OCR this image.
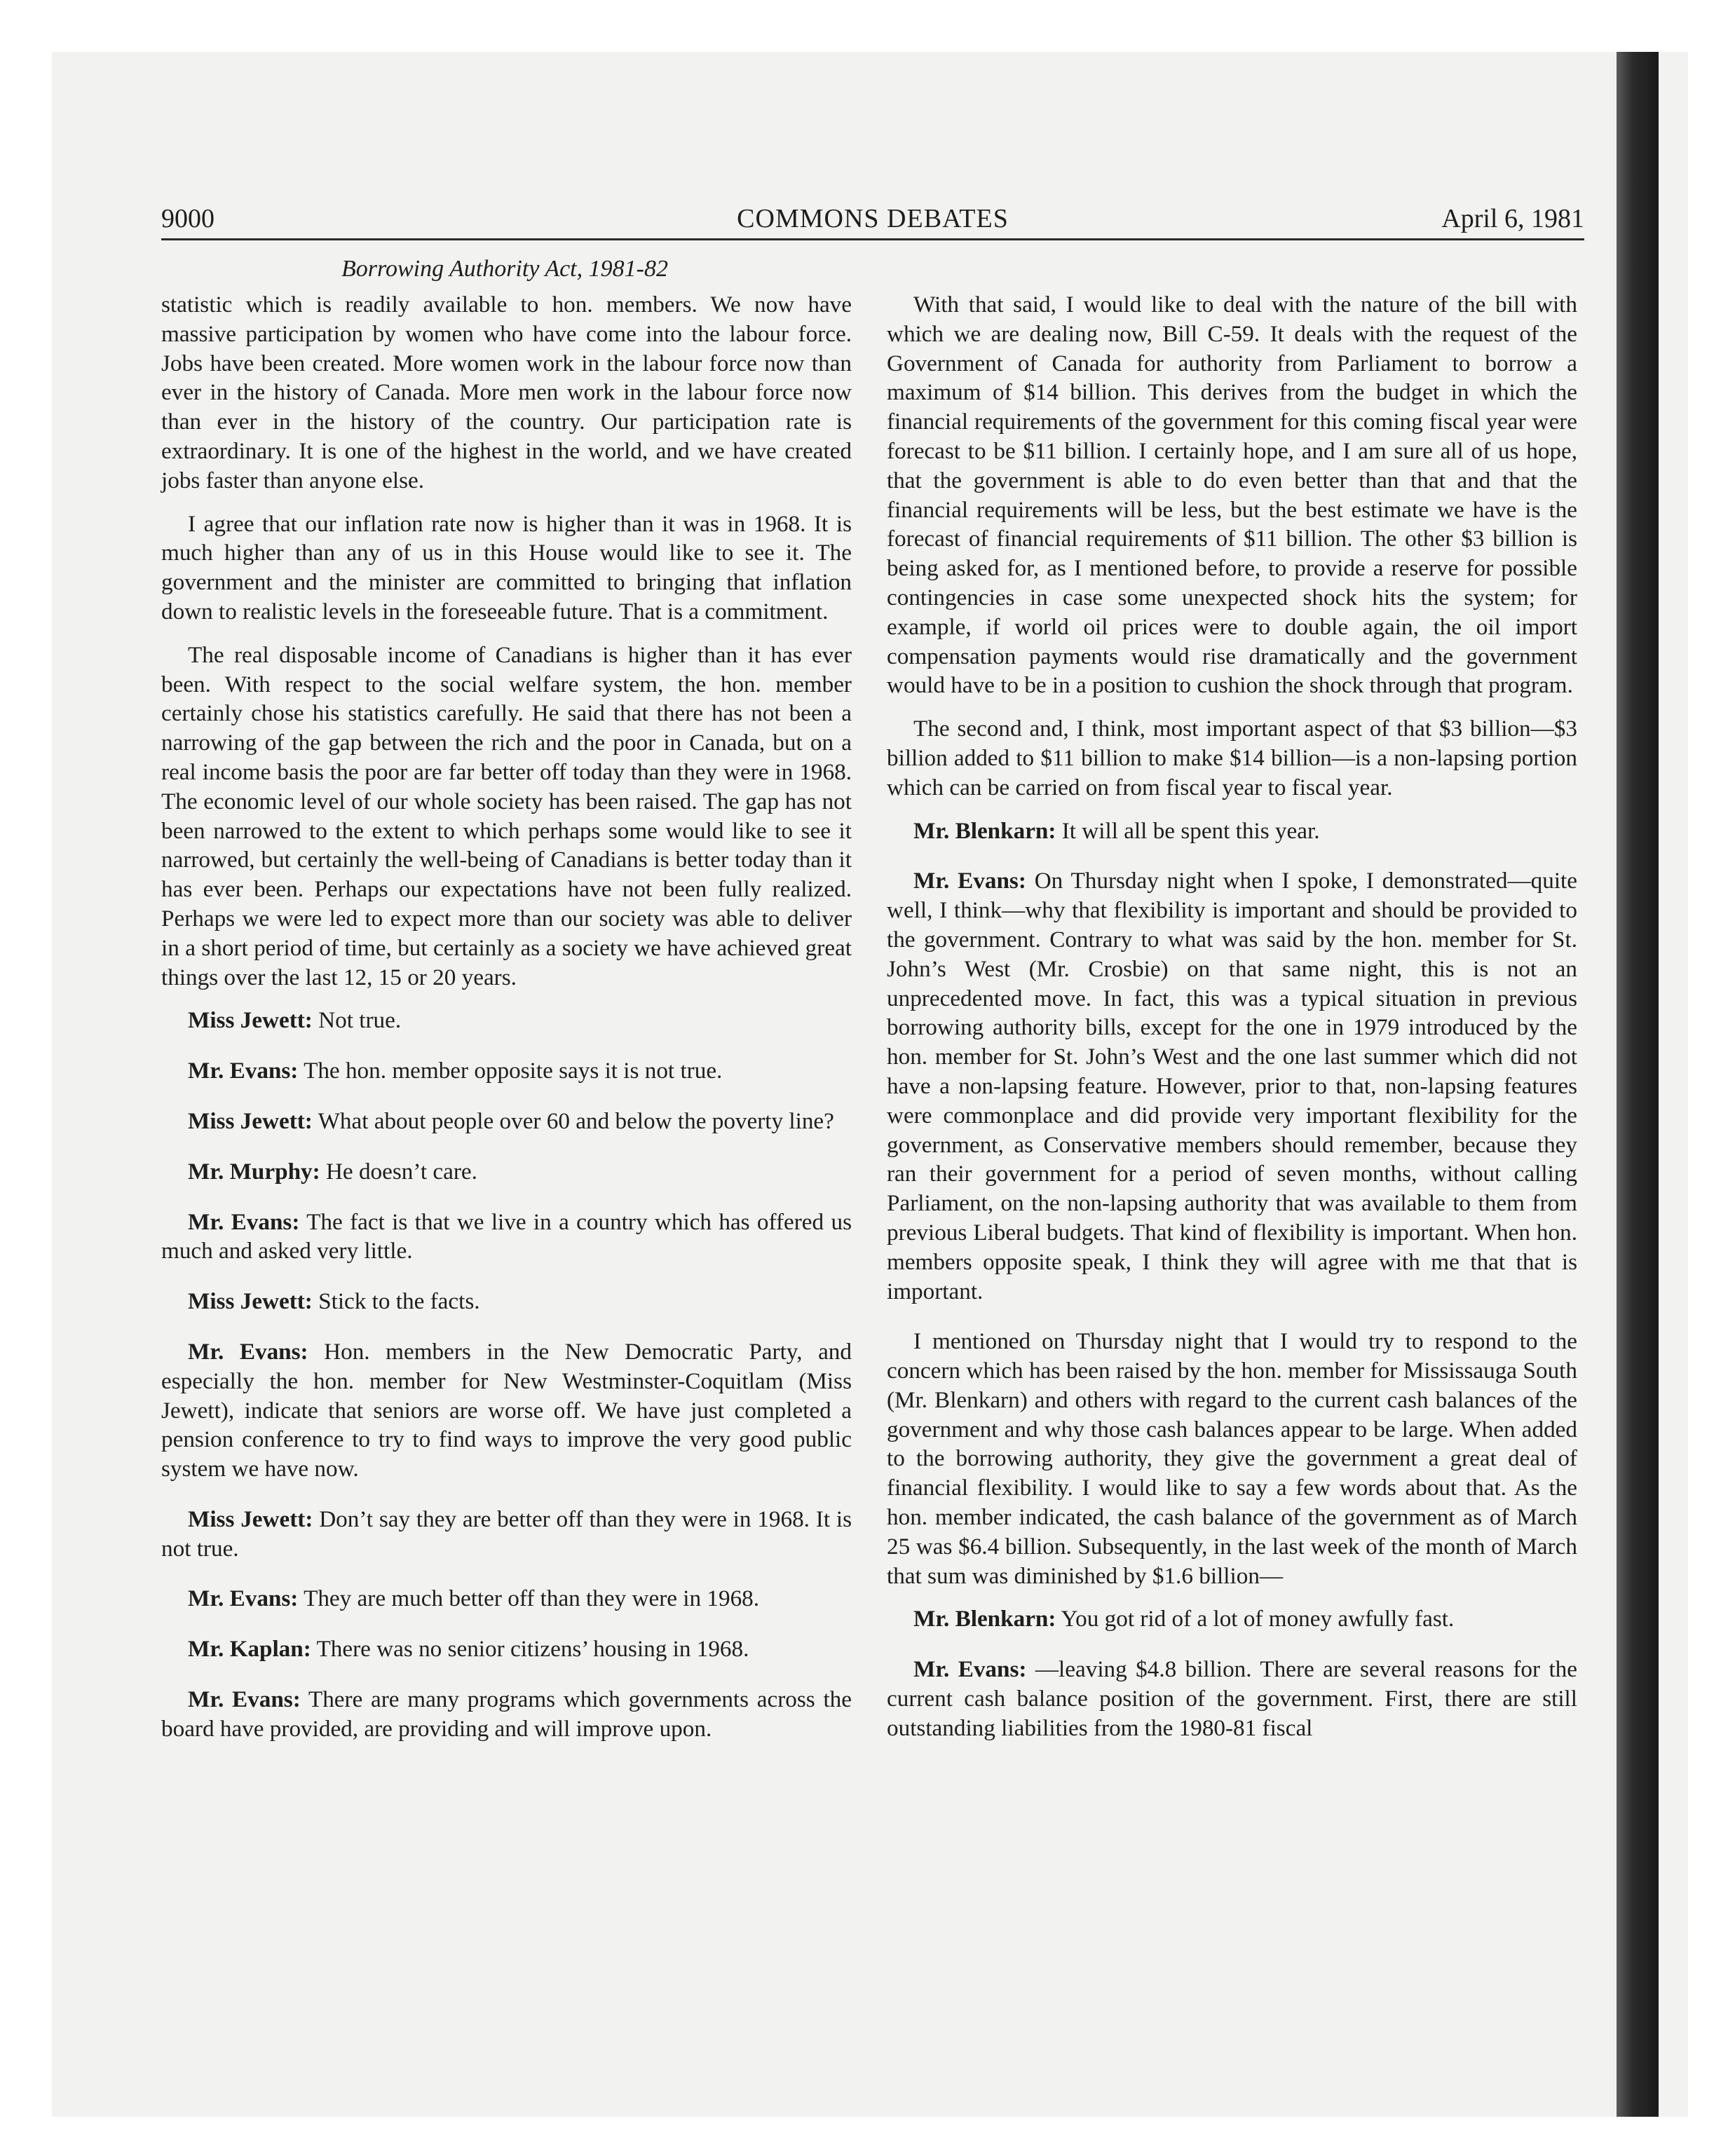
9000	COMMONS DEBATES	April 6, 1981
Borrowing Authority Act, 1981-82

statistic which is readily available to hon. members. We now have massive participation by women who have come into the labour force. Jobs have been created. More women work in the labour force now than ever in the history of Canada. More men work in the labour force now than ever in the history of the country. Our participation rate is extraordinary. It is one of the highest in the world, and we have created jobs faster than anyone else.

I agree that our inflation rate now is higher than it was in 1968. It is much higher than any of us in this House would like to see it. The government and the minister are committed to bringing that inflation down to realistic levels in the foreseeable future. That is a commitment.

The real disposable income of Canadians is higher than it has ever been. With respect to the social welfare system, the hon. member certainly chose his statistics carefully. He said that there has not been a narrowing of the gap between the rich and the poor in Canada, but on a real income basis the poor are far better off today than they were in 1968. The economic level of our whole society has been raised. The gap has not been narrowed to the extent to which perhaps some would like to see it narrowed, but certainly the well-being of Canadians is better today than it has ever been. Perhaps our expectations have not been fully realized. Perhaps we were led to expect more than our society was able to deliver in a short period of time, but certainly as a society we have achieved great things over the last 12, 15 or 20 years.

Miss Jewett: Not true.

Mr. Evans: The hon. member opposite says it is not true.

Miss Jewett: What about people over 60 and below the poverty line?

Mr. Murphy: He doesn’t care.

Mr. Evans: The fact is that we live in a country which has offered us much and asked very little.

Miss Jewett: Stick to the facts.

Mr. Evans: Hon. members in the New Democratic Party, and especially the hon. member for New Westminster-Coquitlam (Miss Jewett), indicate that seniors are worse off. We have just completed a pension conference to try to find ways to improve the very good public system we have now.

Miss Jewett: Don’t say they are better off than they were in 1968. It is not true.

Mr. Evans: They are much better off than they were in 1968.

Mr. Kaplan: There was no senior citizens’ housing in 1968.

Mr. Evans: There are many programs which governments across the board have provided, are providing and will improve upon.

With that said, I would like to deal with the nature of the bill with which we are dealing now, Bill C-59. It deals with the request of the Government of Canada for authority from Parliament to borrow a maximum of $14 billion. This derives from the budget in which the financial requirements of the government for this coming fiscal year were forecast to be $11 billion. I certainly hope, and I am sure all of us hope, that the government is able to do even better than that and that the financial requirements will be less, but the best estimate we have is the forecast of financial requirements of $11 billion. The other $3 billion is being asked for, as I mentioned before, to provide a reserve for possible contingencies in case some unexpected shock hits the system; for example, if world oil prices were to double again, the oil import compensation payments would rise dramatically and the government would have to be in a position to cushion the shock through that program.

The second and, I think, most important aspect of that $3 billion—$3 billion added to $11 billion to make $14 billion—is a non-lapsing portion which can be carried on from fiscal year to fiscal year.

Mr. Blenkarn: It will all be spent this year.

Mr. Evans: On Thursday night when I spoke, I demonstrated—quite well, I think—why that flexibility is important and should be provided to the government. Contrary to what was said by the hon. member for St. John’s West (Mr. Crosbie) on that same night, this is not an unprecedented move. In fact, this was a typical situation in previous borrowing authority bills, except for the one in 1979 introduced by the hon. member for St. John’s West and the one last summer which did not have a non-lapsing feature. However, prior to that, non-lapsing features were commonplace and did provide very important flexibility for the government, as Conservative members should remember, because they ran their government for a period of seven months, without calling Parliament, on the non-lapsing authority that was available to them from previous Liberal budgets. That kind of flexibility is important. When hon. members opposite speak, I think they will agree with me that that is important.

I mentioned on Thursday night that I would try to respond to the concern which has been raised by the hon. member for Mississauga South (Mr. Blenkarn) and others with regard to the current cash balances of the government and why those cash balances appear to be large. When added to the borrowing authority, they give the government a great deal of financial flexibility. I would like to say a few words about that. As the hon. member indicated, the cash balance of the government as of March 25 was $6.4 billion. Subsequently, in the last week of the month of March that sum was diminished by $1.6 billion—

Mr. Blenkarn: You got rid of a lot of money awfully fast.

Mr. Evans: —leaving $4.8 billion. There are several reasons for the current cash balance position of the government. First, there are still outstanding liabilities from the 1980-81 fiscal
